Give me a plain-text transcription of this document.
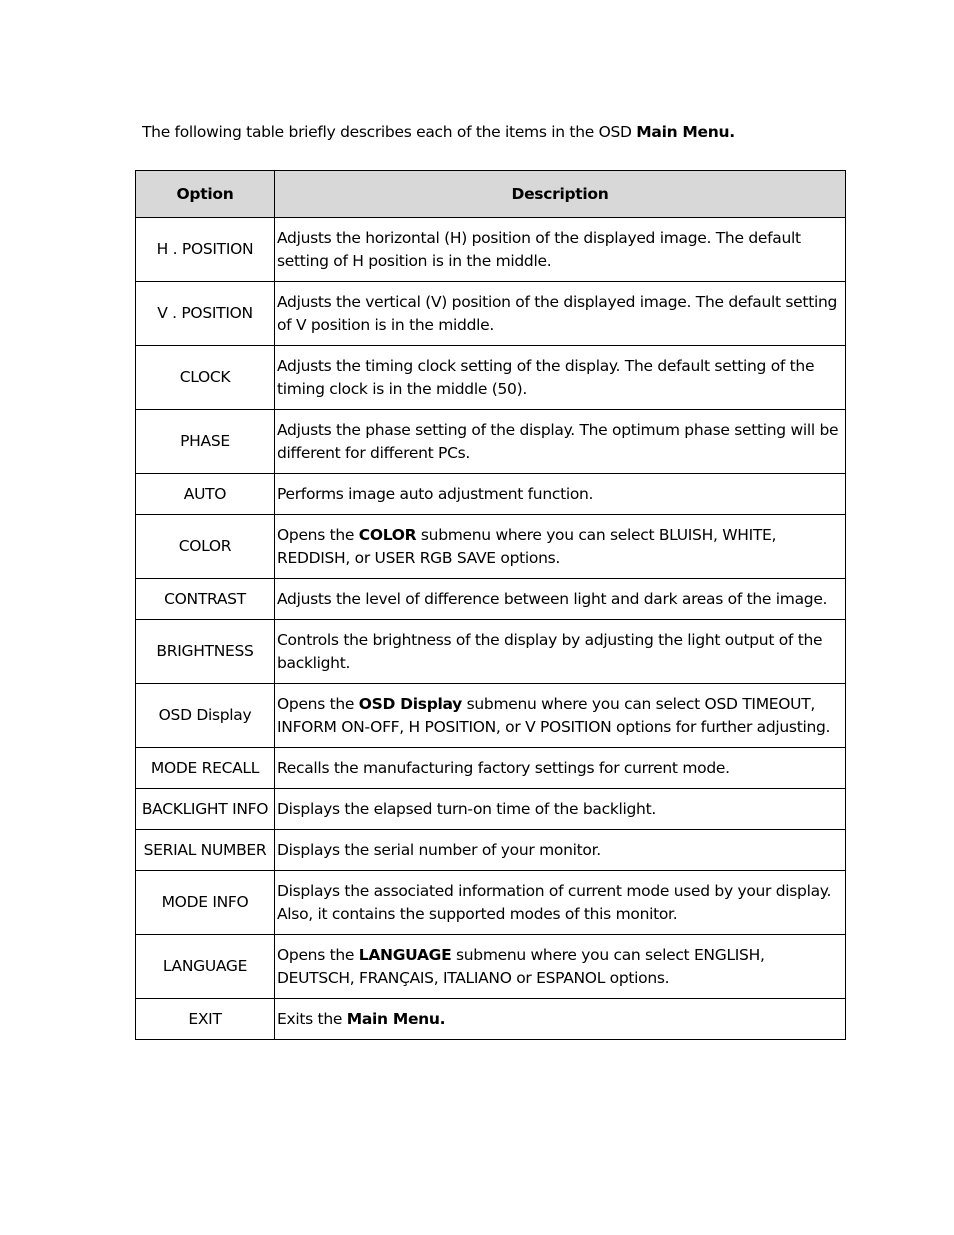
The following table briefly describes each of the items in the OSD Main Menu.

Option	Description
H . POSITION	Adjusts the horizontal (H) position of the displayed image. The default setting of H position is in the middle.
V . POSITION	Adjusts the vertical (V) position of the displayed image. The default setting of V position is in the middle.
CLOCK	Adjusts the timing clock setting of the display. The default setting of the timing clock is in the middle (50).
PHASE	Adjusts the phase setting of the display. The optimum phase setting will be different for different PCs.
AUTO	Performs image auto adjustment function.
COLOR	Opens the COLOR submenu where you can select BLUISH, WHITE, REDDISH, or USER RGB SAVE options.
CONTRAST	Adjusts the level of difference between light and dark areas of the image.
BRIGHTNESS	Controls the brightness of the display by adjusting the light output of the backlight.
OSD Display	Opens the OSD Display submenu where you can select OSD TIMEOUT, INFORM ON-OFF, H POSITION, or V POSITION options for further adjusting.
MODE RECALL	Recalls the manufacturing factory settings for current mode.
BACKLIGHT INFO	Displays the elapsed turn-on time of the backlight.
SERIAL NUMBER	Displays the serial number of your monitor.
MODE INFO	Displays the associated information of current mode used by your display. Also, it contains the supported modes of this monitor.
LANGUAGE	Opens the LANGUAGE submenu where you can select ENGLISH, DEUTSCH, FRANÇAIS, ITALIANO or ESPANOL options.
EXIT	Exits the Main Menu.
